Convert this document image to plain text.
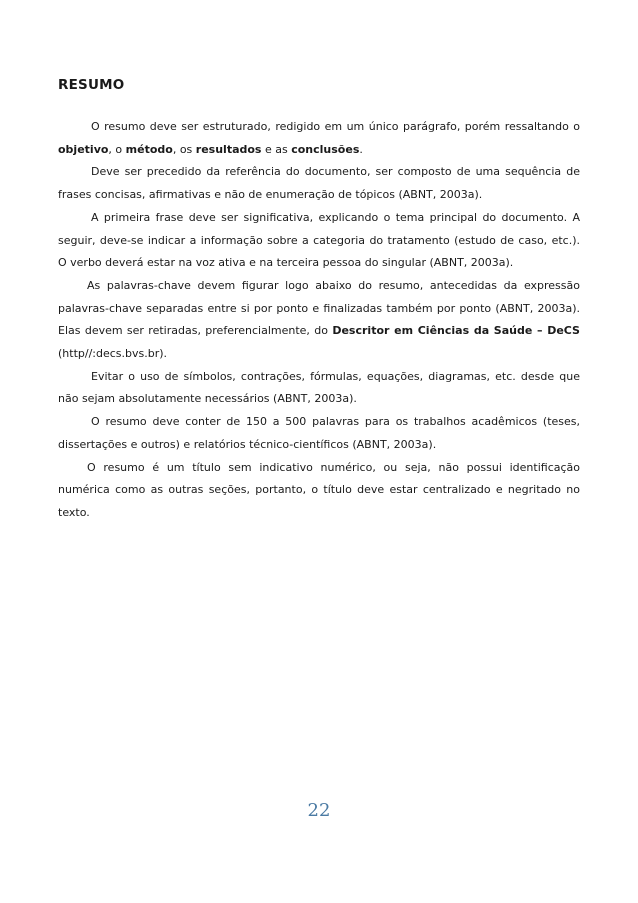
RESUMO

O resumo deve ser estruturado, redigido em um único parágrafo, porém ressaltando o objetivo, o método, os resultados e as conclusões.

Deve ser precedido da referência do documento, ser composto de uma sequência de frases concisas, afirmativas e não de enumeração de tópicos (ABNT, 2003a).

A primeira frase deve ser significativa, explicando o tema principal do documento. A seguir, deve-se indicar a informação sobre a categoria do tratamento (estudo de caso, etc.). O verbo deverá estar na voz ativa e na terceira pessoa do singular (ABNT, 2003a).

As palavras-chave devem figurar logo abaixo do resumo, antecedidas da expressão palavras-chave separadas entre si por ponto e finalizadas também por ponto (ABNT, 2003a). Elas devem ser retiradas, preferencialmente, do Descritor em Ciências da Saúde – DeCS (http//:decs.bvs.br).

Evitar o uso de símbolos, contrações, fórmulas, equações, diagramas, etc. desde que não sejam absolutamente necessários (ABNT, 2003a).

O resumo deve conter de 150 a 500 palavras para os trabalhos acadêmicos (teses, dissertações e outros) e relatórios técnico-científicos (ABNT, 2003a).

O resumo é um título sem indicativo numérico, ou seja, não possui identificação numérica como as outras seções, portanto, o título deve estar centralizado e negritado no texto.

22
